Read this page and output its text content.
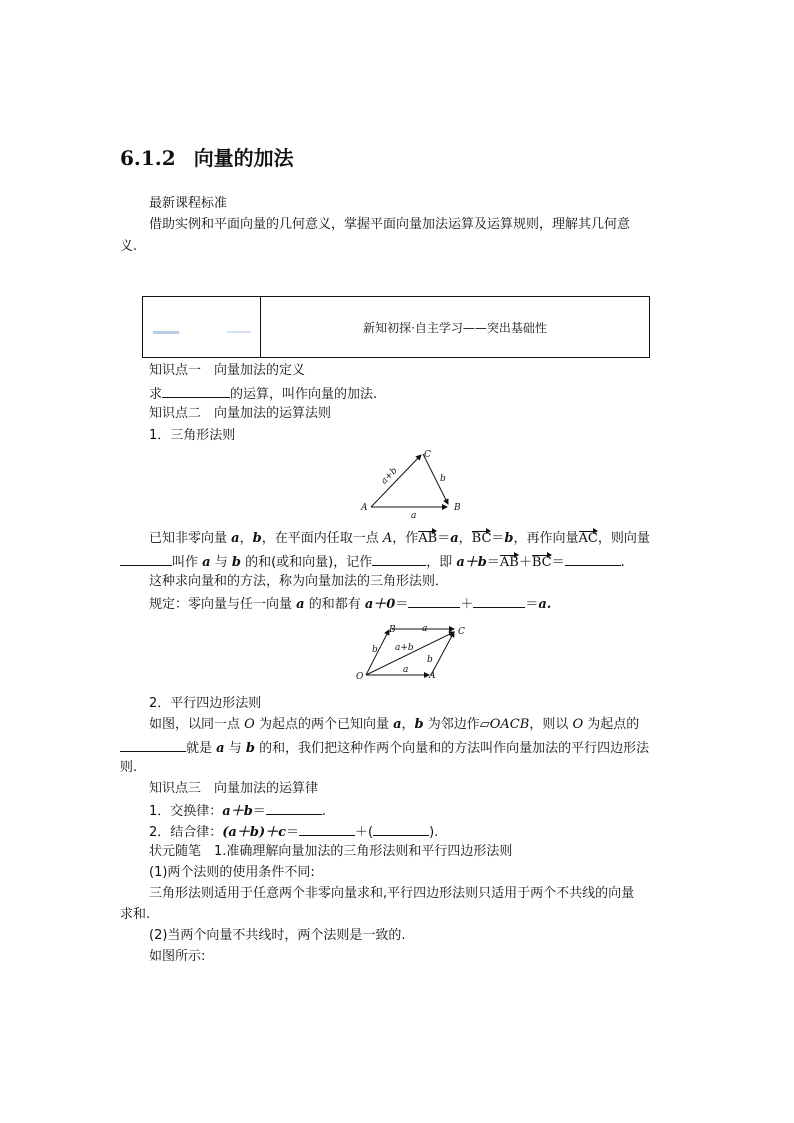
6.1.2 向量的加法
最新课程标准
借助实例和平面向量的几何意义，掌握平面向量加法运算及运算规则，理解其几何意
义.
新知初探·自主学习——突出基础性
知识点一　向量加法的定义
求	的运算，叫作向量的加法.
知识点二　向量加法的运算法则
1．三角形法则
A	B
C
a+b
a
b
已知非零向量 a，b，在平面内任取一点 A，作AB＝a，BC＝b，再作向量AC，则向量
叫作 a 与 b 的和(或和向量)，记作	，即 a＋b＝AB＋BC＝	.
这种求向量和的方法，称为向量加法的三角形法则．
规定：零向量与任一向量 a 的和都有 a＋0＝	＋	＝a.
B	C
O	A
a
a
b
b
a+b
2．平行四边形法则
如图，以同一点 O 为起点的两个已知向量 a，b 为邻边作▱OACB，则以 O 为起点的
就是 a 与 b 的和，我们把这种作两个向量和的方法叫作向量加法的平行四边形法
则.
知识点三　向量加法的运算律
1．交换律：a＋b＝	.
2．结合律：(a＋b)＋c＝	＋(	).
状元随笔　1.准确理解向量加法的三角形法则和平行四边形法则
(1)两个法则的使用条件不同:
三角形法则适用于任意两个非零向量求和,平行四边形法则只适用于两个不共线的向量
求和.
(2)当两个向量不共线时，两个法则是一致的.
如图所示:
